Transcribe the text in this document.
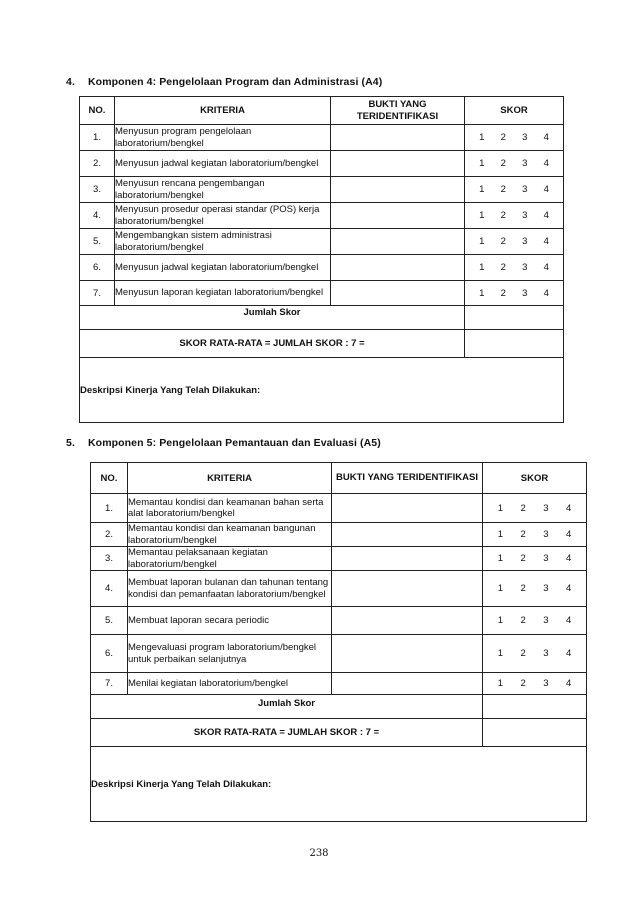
4. Komponen 4: Pengelolaan Program dan Administrasi (A4)
NO.	KRITERIA	BUKTI YANG TERIDENTIFIKASI	SKOR
1.	Menyusun program pengelolaan laboratorium/bengkel		1 2 3 4

2.	Menyusun jadwal kegiatan laboratorium/bengkel		1 2 3 4

3.	Menyusun rencana pengembangan laboratorium/bengkel		1 2 3 4

4.	Menyusun prosedur operasi standar (POS) kerja laboratorium/bengkel		1 2 3 4

5.	Mengembangkan sistem administrasi laboratorium/bengkel		1 2 3 4

6.	Menyusun jadwal kegiatan laboratorium/bengkel		1 2 3 4

7.	Menyusun laporan kegiatan laboratorium/bengkel		1 2 3 4

Jumlah Skor			
SKOR RATA-RATA = JUMLAH SKOR : 7 =			
Deskripsi Kinerja Yang Telah Dilakukan:			
5. Komponen 5: Pengelolaan Pemantauan dan Evaluasi (A5)
NO.	KRITERIA	BUKTI YANG TERIDENTIFIKASI	SKOR
1.	Memantau kondisi dan keamanan bahan serta alat laboratorium/bengkel		1 2 3 4

2.	Memantau kondisi dan keamanan bangunan laboratorium/bengkel		1 2 3 4

3.	Memantau pelaksanaan kegiatan laboratorium/bengkel		1 2 3 4

4.	Membuat laporan bulanan dan tahunan tentang kondisi dan pemanfaatan laboratorium/bengkel		1 2 3 4

5.	Membuat laporan secara periodic		1 2 3 4

6.	Mengevaluasi program laboratorium/bengkel untuk perbaikan selanjutnya		1 2 3 4

7.	Menilai kegiatan laboratorium/bengkel		1 2 3 4

Jumlah Skor			
SKOR RATA-RATA = JUMLAH SKOR : 7 =			
Deskripsi Kinerja Yang Telah Dilakukan:			
238
